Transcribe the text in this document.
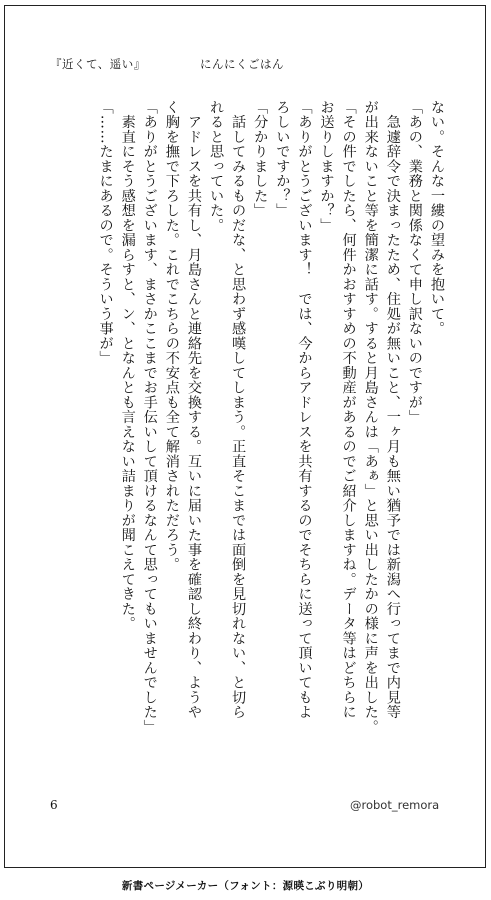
『近くて、遥い』	にんにくごはん
ない。そんな一縷の望みを抱いて。
「あの、業務と関係なくて申し訳ないのですが」
　急遽辞令で決まったため、住処が無いこと、一ヶ月も無い猶予では新潟へ行ってまで内見等
が出来ないこと等を簡潔に話す。すると月島さんは「あぁ」と思い出したかの様に声を出した。
「その件でしたら、何件かおすすめの不動産があるのでご紹介しますね。データ等はどちらに
お送りしますか？」
「ありがとうございます！　では、今からアドレスを共有するのでそちらに送って頂いてもよ
ろしいですか？」
「分かりました」
　話してみるものだな、と思わず感嘆してしまう。正直そこまでは面倒を見切れない、と切ら
れると思っていた。
　アドレスを共有し、月島さんと連絡先を交換する。互いに届いた事を確認し終わり、ようや
く胸を撫で下ろした。これでこちらの不安点も全て解消されただろう。
「ありがとうございます、まさかここまでお手伝いして頂けるなんて思ってもいませんでした」
　素直にそう感想を漏らすと、ン、となんとも言えない詰まりが聞こえてきた。
「……たまにあるので。そういう事が」
6	@robot_remora
新書ページメーカー（フォント：源暎こぶり明朝）
